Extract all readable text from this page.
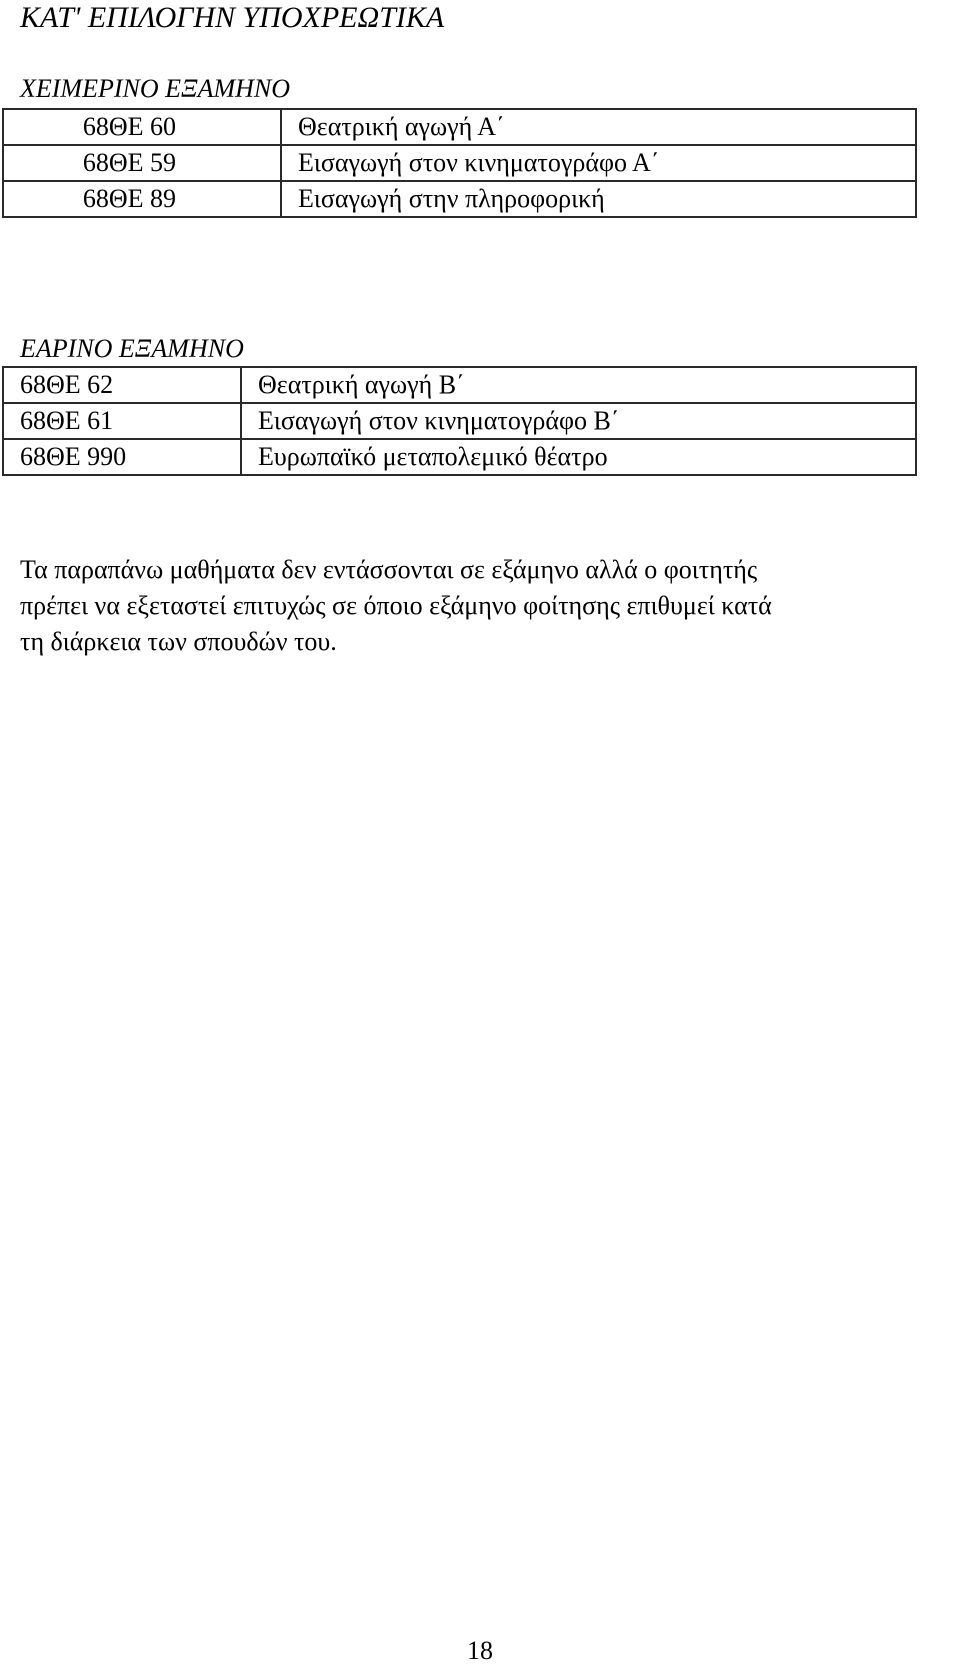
ΚΑΤ' ΕΠΙΛΟΓΗΝ ΥΠΟΧΡΕΩΤΙΚΑ
ΧΕΙΜΕΡΙΝΟ ΕΞΑΜΗΝΟ
68ΘΕ 60	Θεατρική αγωγή Α΄
68ΘΕ 59	Εισαγωγή στον κινηματογράφο Α΄
68ΘΕ 89	Εισαγωγή στην πληροφορική
ΕΑΡΙΝΟ ΕΞΑΜΗΝΟ
68ΘΕ 62	Θεατρική αγωγή Β΄
68ΘΕ 61	Εισαγωγή στον κινηματογράφο Β΄
68ΘΕ 990	Ευρωπαϊκό μεταπολεμικό θέατρο

Τα παραπάνω μαθήματα δεν εντάσσονται σε εξάμηνο αλλά ο φοιτητής
πρέπει να εξεταστεί επιτυχώς σε όποιο εξάμηνο φοίτησης επιθυμεί κατά
τη διάρκεια των σπουδών του.

18
